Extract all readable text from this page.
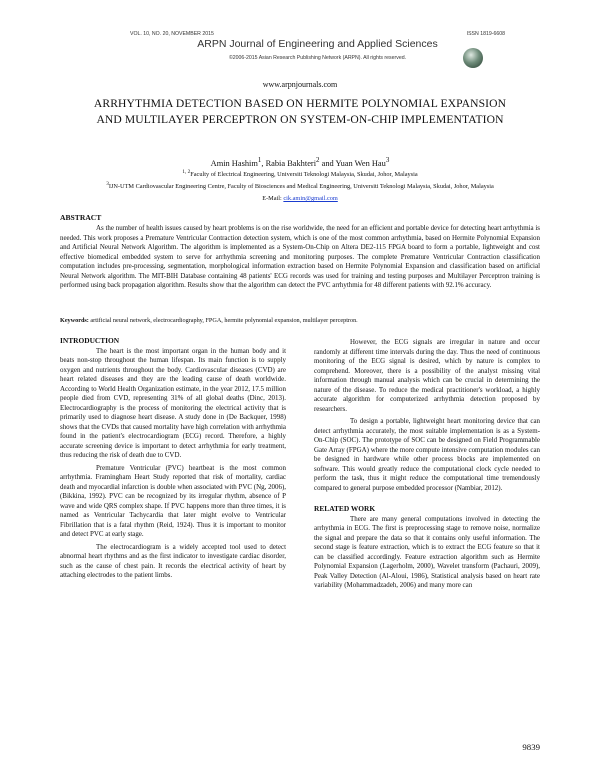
VOL. 10, NO. 20, NOVEMBER 2015	ISSN 1819-6608
ARPN Journal of Engineering and Applied Sciences
©2006-2015 Asian Research Publishing Network (ARPN). All rights reserved.
www.arpnjournals.com
ARRHYTHMIA DETECTION BASED ON HERMITE POLYNOMIAL EXPANSION AND MULTILAYER PERCEPTRON ON SYSTEM-ON-CHIP IMPLEMENTATION
Amin Hashim$^1$, Rabia Bakhteri$^2$ and Yuan Wen Hau$^3$
$^{1, 2}$Faculty of Electrical Engineering, Universiti Teknologi Malaysia, Skudai, Johor, Malaysia
$^3$IJN-UTM Cardiovascular Engineering Centre, Faculty of Biosciences and Medical Engineering, Universiti Teknologi Malaysia, Skudai, Johor, Malaysia
E-Mail: cik.amin@gmail.com
ABSTRACT
As the number of health issues caused by heart problems is on the rise worldwide, the need for an efficient and portable device for detecting heart arrhythmia is needed. This work proposes a Premature Ventricular Contraction detection system, which is one of the most common arrhythmia, based on Hermite Polynomial Expansion and Artificial Neural Network Algorithm. The algorithm is implemented as a System-On-Chip on Altera DE2-115 FPGA board to form a portable, lightweight and cost effective biomedical embedded system to serve for arrhythmia screening and monitoring purposes. The complete Premature Ventricular Contraction classification computation includes pre-processing, segmentation, morphological information extraction based on Hermite Polynomial Expansion and classification based on artificial Neural Network algorithm. The MIT-BIH Database containing 48 patients' ECG records was used for training and testing purposes and Multilayer Perceptron training is performed using back propagation algorithm. Results show that the algorithm can detect the PVC arrhythmia for 48 different patients with 92.1% accuracy.
Keywords: artificial neural network, electrocardiography, FPGA, hermite polynomial expansion, multilayer perceptron.
INTRODUCTION

The heart is the most important organ in the human body and it beats non-stop throughout the human lifespan. Its main function is to supply oxygen and nutrients throughout the body. Cardiovascular diseases (CVD) are heart related diseases and they are the leading cause of death worldwide. According to World Health Organization estimate, in the year 2012, 17.5 million people died from CVD, representing 31% of all global deaths (Dinc, 2013). Electrocardiography is the process of monitoring the electrical activity that is primarily used to diagnose heart disease. A study done in (De Backquer, 1998) shows that the CVDs that caused mortality have high correlation with arrhythmia found in the patient's electrocardiogram (ECG) record. Therefore, a highly accurate screening device is important to detect arrhythmia for early treatment, thus reducing the risk of death due to CVD.

Premature Ventricular (PVC) heartbeat is the most common arrhythmia. Framingham Heart Study reported that risk of mortality, cardiac death and myocardial infarction is double when associated with PVC (Ng, 2006), (Bikkina, 1992). PVC can be recognized by its irregular rhythm, absence of P wave and wide QRS complex shape. If PVC happens more than three times, it is named as Ventricular Tachycardia that later might evolve to Ventricular Fibrillation that is a fatal rhythm (Reid, 1924). Thus it is important to monitor and detect PVC at early stage.

The electrocardiogram is a widely accepted tool used to detect abnormal heart rhythms and as the first indicator to investigate cardiac disorder, such as the cause of chest pain. It records the electrical activity of heart by attaching electrodes to the patient limbs.

However, the ECG signals are irregular in nature and occur randomly at different time intervals during the day. Thus the need of continuous monitoring of the ECG signal is desired, which by nature is complex to comprehend. Moreover, there is a possibility of the analyst missing vital information through manual analysis which can be crucial in determining the nature of the disease. To reduce the medical practitioner's workload, a highly accurate algorithm for computerized arrhythmia detection proposed by researchers.

To design a portable, lightweight heart monitoring device that can detect arrhythmia accurately, the most suitable implementation is as a System-On-Chip (SOC). The prototype of SOC can be designed on Field Programmable Gate Array (FPGA) where the more compute intensive computation modules can be designed in hardware while other process blocks are implemented on software. This would greatly reduce the computational clock cycle needed to perform the task, thus it might reduce the computational time tremendously compared to general purpose embedded processor (Nambiar, 2012).

RELATED WORK

There are many general computations involved in detecting the arrhythmia in ECG. The first is preprocessing stage to remove noise, normalize the signal and prepare the data so that it contains only useful information. The second stage is feature extraction, which is to extract the ECG feature so that it can be classified accordingly. Feature extraction algorithm such as Hermite Polynomial Expansion (Lagerholm, 2000), Wavelet transform (Pachauri, 2009), Peak Valley Detection (Al-Aloui, 1986), Statistical analysis based on heart rate variability (Mohammadzadeh, 2006) and many more can

9839
